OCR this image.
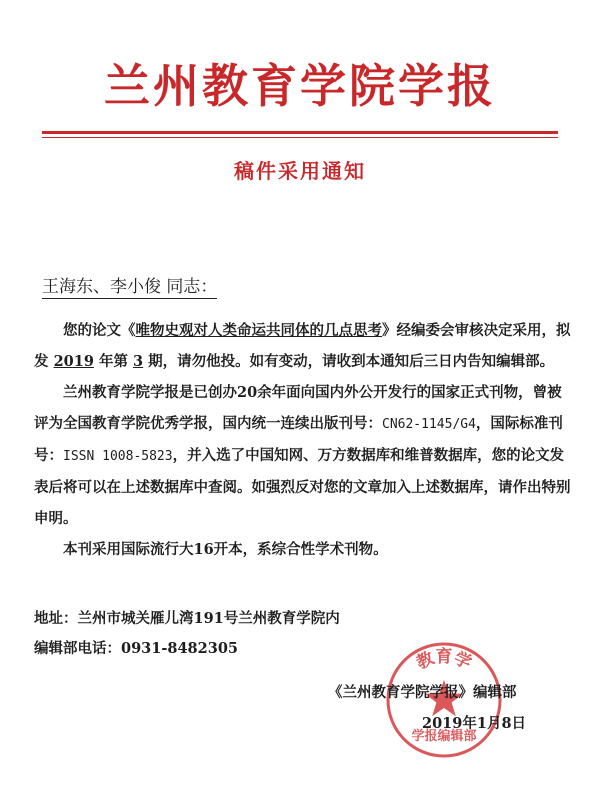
兰州教育学院学报
稿件采用通知
王海东、李小俊 同志：

您的论文《唯物史观对人类命运共同体的几点思考》经编委会审核决定采用，拟发 2019 年第 3 期，请勿他投。如有变动，请收到本通知后三日内告知编辑部。

兰州教育学院学报是已创办20余年面向国内外公开发行的国家正式刊物，曾被评为全国教育学院优秀学报，国内统一连续出版刊号：CN62-1145/G4，国际标准刊号：ISSN 1008-5823，并入选了中国知网、万方数据库和维普数据库，您的论文发表后将可以在上述数据库中查阅。如强烈反对您的文章加入上述数据库，请作出特别申明。

本刊采用国际流行大16开本，系综合性学术刊物。

地址：兰州市城关雁儿湾191号兰州教育学院内
编辑部电话：0931-8482305	教育学
学报编辑部
《兰州教育学院学报》编辑部
2019年1月8日
